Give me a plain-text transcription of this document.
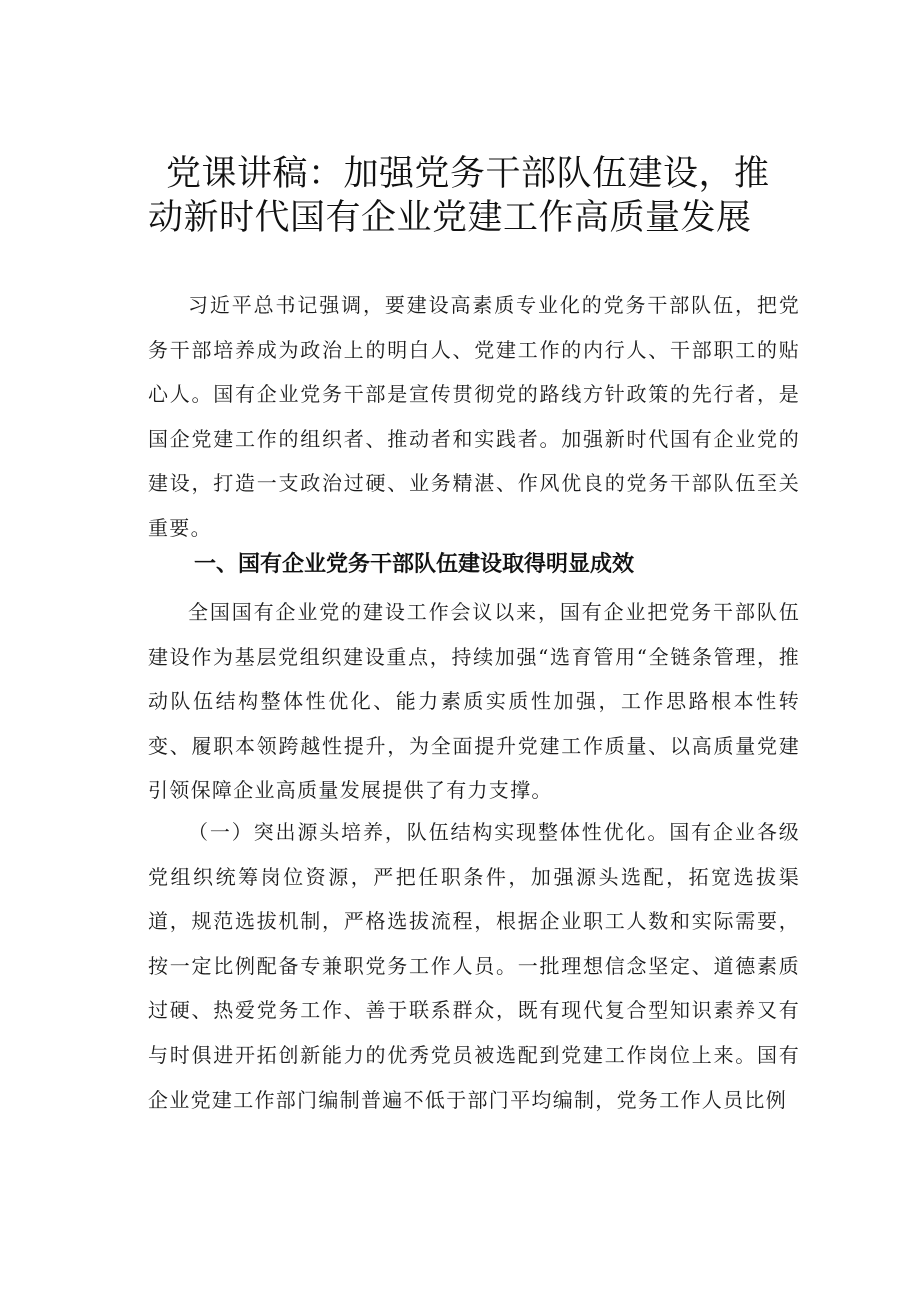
党课讲稿：加强党务干部队伍建设，推
动新时代国有企业党建工作高质量发展

习近平总书记强调，要建设高素质专业化的党务干部队伍，把党务干部培养成为政治上的明白人、党建工作的内行人、干部职工的贴心人。国有企业党务干部是宣传贯彻党的路线方针政策的先行者，是国企党建工作的组织者、推动者和实践者。加强新时代国有企业党的建设，打造一支政治过硬、业务精湛、作风优良的党务干部队伍至关重要。

一、国有企业党务干部队伍建设取得明显成效

全国国有企业党的建设工作会议以来，国有企业把党务干部队伍建设作为基层党组织建设重点，持续加强“选育管用“全链条管理，推动队伍结构整体性优化、能力素质实质性加强，工作思路根本性转变、履职本领跨越性提升，为全面提升党建工作质量、以高质量党建引领保障企业高质量发展提供了有力支撑。

（一）突出源头培养，队伍结构实现整体性优化。国有企业各级党组织统筹岗位资源，严把任职条件，加强源头选配，拓宽选拔渠道，规范选拔机制，严格选拔流程，根据企业职工人数和实际需要，按一定比例配备专兼职党务工作人员。一批理想信念坚定、道德素质过硬、热爱党务工作、善于联系群众，既有现代复合型知识素养又有与时俱进开拓创新能力的优秀党员被选配到党建工作岗位上来。国有企业党建工作部门编制普遍不低于部门平均编制，党务工作人员比例
